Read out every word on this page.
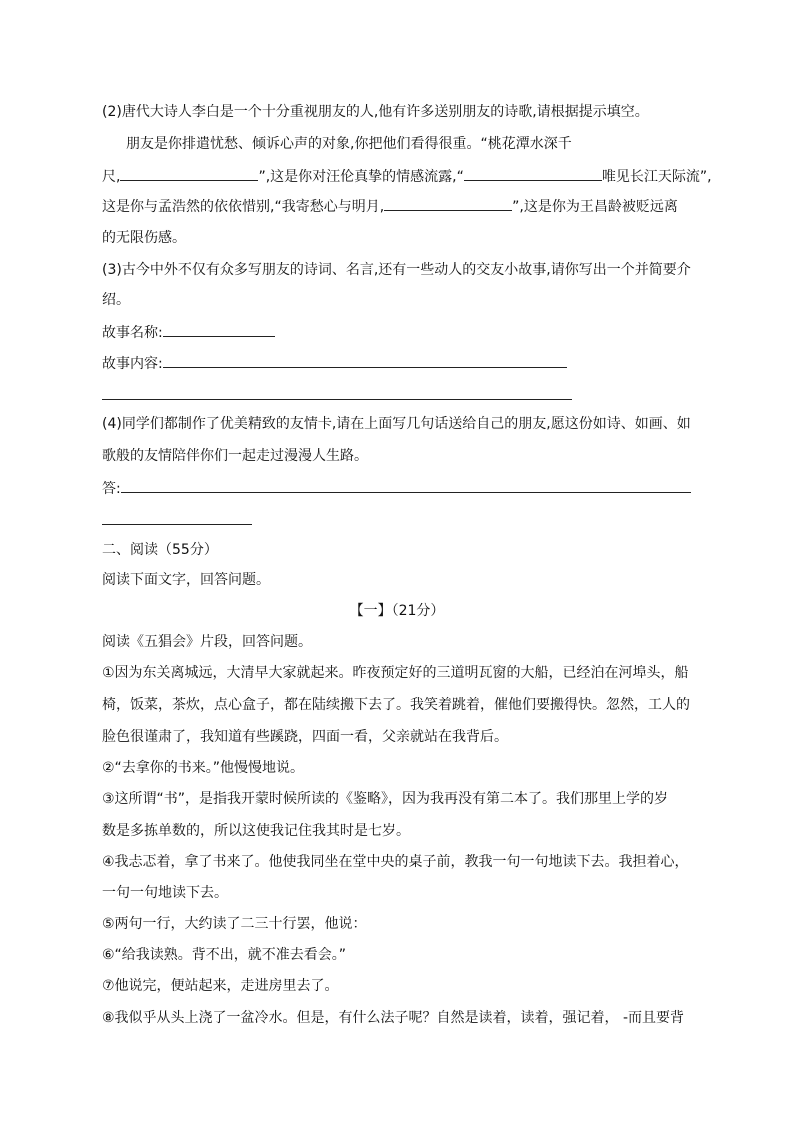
(2)唐代大诗人李白是一个十分重视朋友的人,他有许多送别朋友的诗歌,请根据提示填空。
朋友是你排遣忧愁、倾诉心声的对象,你把他们看得很重。“桃花潭水深千
尺,	”,这是你对汪伦真挚的情感流露,“	唯见长江天际流”,
这是你与孟浩然的依依惜别,“我寄愁心与明月,	”,这是你为王昌龄被贬远离
的无限伤感。
(3)古今中外不仅有众多写朋友的诗词、名言,还有一些动人的交友小故事,请你写出一个并简要介
绍。
故事名称:
故事内容:
(4)同学们都制作了优美精致的友情卡,请在上面写几句话送给自己的朋友,愿这份如诗、如画、如
歌般的友情陪伴你们一起走过漫漫人生路。
答:
二、阅读（55分）
阅读下面文字，回答问题。
【一】（21分）
阅读《五猖会》片段，回答问题。
①因为东关离城远，大清早大家就起来。昨夜预定好的三道明瓦窗的大船，已经泊在河埠头，船
椅，饭菜，茶炊，点心盒子，都在陆续搬下去了。我笑着跳着，催他们要搬得快。忽然，工人的
脸色很谨肃了，我知道有些蹊跷，四面一看，父亲就站在我背后。
②“去拿你的书来。”他慢慢地说。
③这所谓“书”，是指我开蒙时候所读的《鉴略》，因为我再没有第二本了。我们那里上学的岁
数是多拣单数的，所以这使我记住我其时是七岁。
④我忐忑着，拿了书来了。他使我同坐在堂中央的桌子前，教我一句一句地读下去。我担着心，
一句一句地读下去。
⑤两句一行，大约读了二三十行罢，他说：
⑥“给我读熟。背不出，就不准去看会。”
⑦他说完，便站起来，走进房里去了。
⑧我似乎从头上浇了一盆冷水。但是，有什么法子呢？自然是读着，读着，强记着， -而且要背
